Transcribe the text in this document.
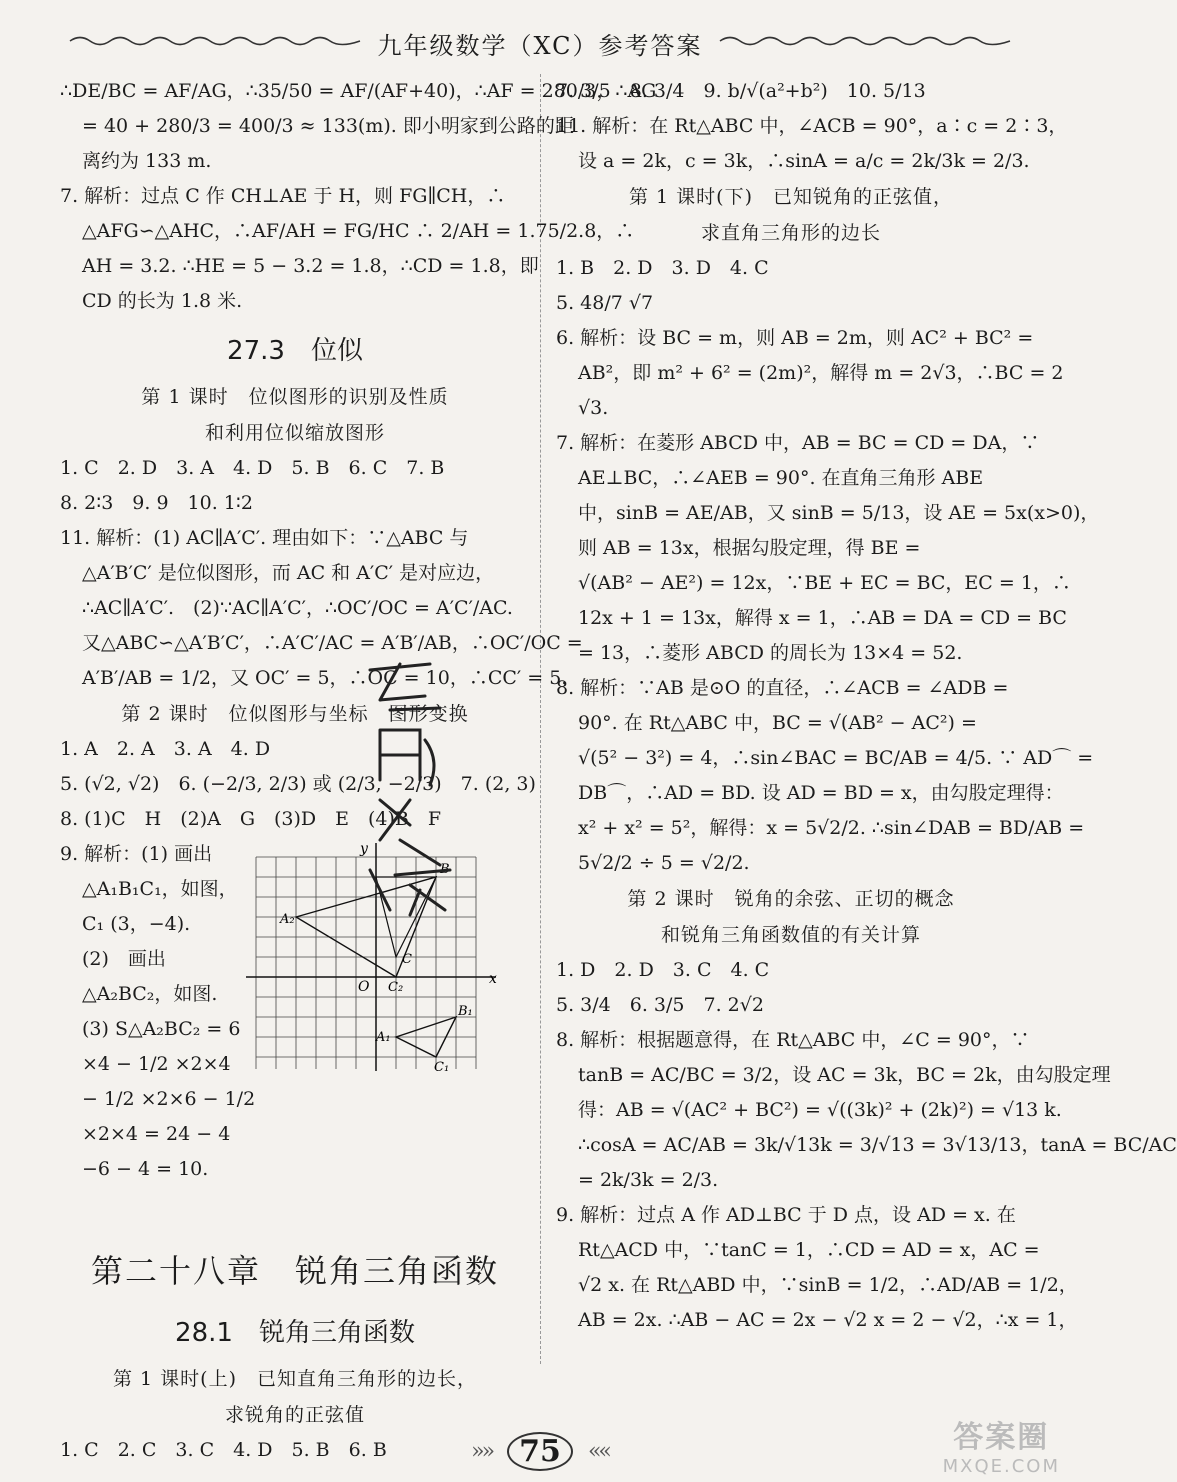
九年级数学（XC）参考答案
∴DE/BC = AF/AG，∴35/50 = AF/(AF+40)，∴AF = 280/3，∴AG
= 40 + 280/3 = 400/3 ≈ 133(m). 即小明家到公路的距
离约为 133 m.
7. 解析：过点 C 作 CH⊥AE 于 H，则 FG∥CH，∴
△AFG∽△AHC，∴AF/AH = FG/HC ∴ 2/AH = 1.75/2.8，∴
AH = 3.2. ∴HE = 5 − 3.2 = 1.8，∴CD = 1.8，即
CD 的长为 1.8 米.
27.3　位似
第 1 课时　位似图形的识别及性质
和利用位似缩放图形
1. C　2. D　3. A　4. D　5. B　6. C　7. B
8. 2∶3　9. 9　10. 1∶2
11. 解析：(1) AC∥A′C′. 理由如下：∵△ABC 与
△A′B′C′ 是位似图形，而 AC 和 A′C′ 是对应边，
∴AC∥A′C′.　(2)∵AC∥A′C′，∴OC′/OC = A′C′/AC.
又△ABC∽△A′B′C′，∴A′C′/AC = A′B′/AB，∴OC′/OC =
A′B′/AB = 1/2，又 OC′ = 5，∴OC = 10，∴CC′ = 5.
第 2 课时　位似图形与坐标　图形变换
1. A　2. A　3. A　4. D
5. (√2, √2)　6. (−2/3, 2/3) 或 (2/3, −2/3)　7. (2, 3)
8. (1)C　H　(2)A　G　(3)D　E　(4)B　F
9. 解析：(1) 画出
△A₁B₁C₁，如图，
C₁ (3，−4).
(2)　画出
△A₂BC₂，如图.
(3) S△A₂BC₂ = 6
×4 − 1/2 ×2×4
− 1/2 ×2×6 − 1/2
×2×4 = 24 − 4
−6 − 4 = 10.
x
y
O
A₂
B
C
C₂
B₁
A₁
C₁
第二十八章　锐角三角函数
28.1　锐角三角函数
第 1 课时(上)　已知直角三角形的边长，
求锐角的正弦值
1. C　2. C　3. C　4. D　5. B　6. B
7. 3/5　8. 3/4　9. b/√(a²+b²)　10. 5/13
11. 解析：在 Rt△ABC 中，∠ACB = 90°，a∶c = 2∶3，
设 a = 2k，c = 3k，∴sinA = a/c = 2k/3k = 2/3.
第 1 课时(下)　已知锐角的正弦值，
求直角三角形的边长
1. B　2. D　3. D　4. C
5. 48/7 √7
6. 解析：设 BC = m，则 AB = 2m，则 AC² + BC² =
AB²，即 m² + 6² = (2m)²，解得 m = 2√3，∴BC = 2
√3.
7. 解析：在菱形 ABCD 中，AB = BC = CD = DA，∵
AE⊥BC，∴∠AEB = 90°. 在直角三角形 ABE
中，sinB = AE/AB，又 sinB = 5/13，设 AE = 5x(x>0)，
则 AB = 13x，根据勾股定理，得 BE =
√(AB² − AE²) = 12x，∵BE + EC = BC，EC = 1，∴
12x + 1 = 13x，解得 x = 1，∴AB = DA = CD = BC
= 13，∴菱形 ABCD 的周长为 13×4 = 52.
8. 解析：∵AB 是⊙O 的直径，∴∠ACB = ∠ADB =
90°. 在 Rt△ABC 中，BC = √(AB² − AC²) =
√(5² − 3²) = 4，∴sin∠BAC = BC/AB = 4/5. ∵ AD⌒ =
DB⌒，∴AD = BD. 设 AD = BD = x，由勾股定理得：
x² + x² = 5²，解得：x = 5√2/2. ∴sin∠DAB = BD/AB =
5√2/2 ÷ 5 = √2/2.
第 2 课时　锐角的余弦、正切的概念
和锐角三角函数值的有关计算
1. D　2. D　3. C　4. C
5. 3/4　6. 3/5　7. 2√2
8. 解析：根据题意得，在 Rt△ABC 中，∠C = 90°，∵
tanB = AC/BC = 3/2，设 AC = 3k，BC = 2k，由勾股定理
得：AB = √(AC² + BC²) = √((3k)² + (2k)²) = √13 k.
∴cosA = AC/AB = 3k/√13k = 3/√13 = 3√13/13，tanA = BC/AC
= 2k/3k = 2/3.
9. 解析：过点 A 作 AD⊥BC 于 D 点，设 AD = x. 在
Rt△ACD 中，∵tanC = 1，∴CD = AD = x，AC =
√2 x. 在 Rt△ABD 中，∵sinB = 1/2，∴AD/AB = 1/2，
AB = 2x. ∴AB − AC = 2x − √2 x = 2 − √2，∴x = 1，
»» 75 ««	答案圈
MXQE.COM
